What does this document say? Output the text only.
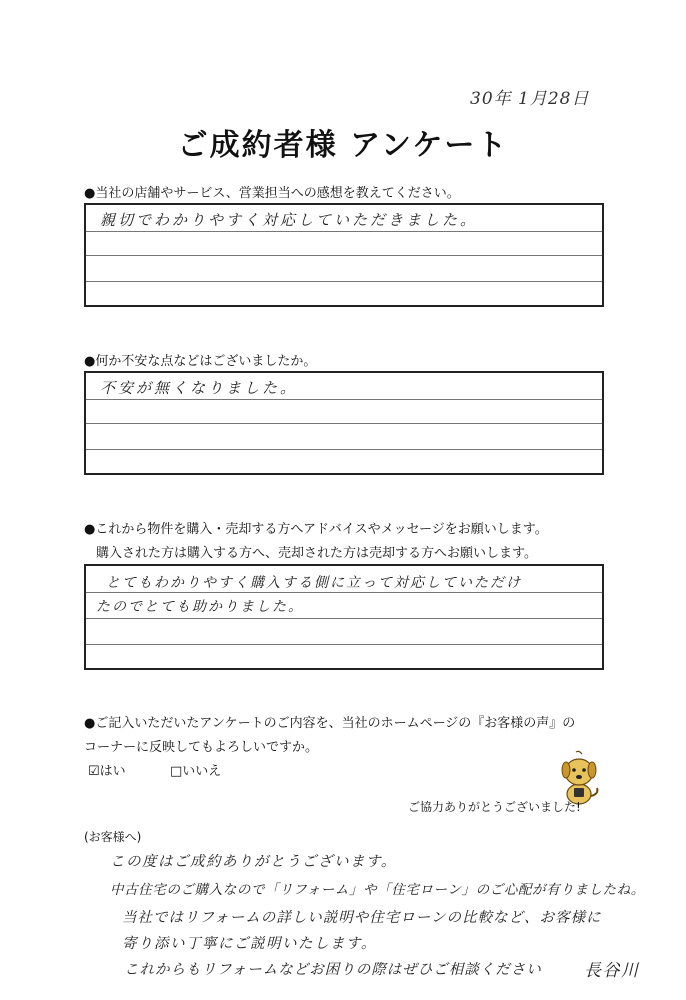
30年 1月28日
ご成約者様 アンケート
●当社の店舗やサービス、営業担当への感想を教えてください。
親切でわかりやすく対応していただきました。
●何か不安な点などはございましたか。
不安が無くなりました。
●これから物件を購入・売却する方へアドバイスやメッセージをお願いします。
購入された方は購入する方へ、売却された方は売却する方へお願いします。
とてもわかりやすく購入する側に立って対応していただけ
たのでとても助かりました。
●ご記入いただいたアンケートのご内容を、当社のホームページの『お客様の声』の
コーナーに反映してもよろしいですか。
☑はい	□いいえ
ご協力ありがとうございました!
(お客様へ)
この度はご成約ありがとうございます。
中古住宅のご購入なので「リフォーム」や「住宅ローン」のご心配が有りましたね。
当社ではリフォームの詳しい説明や住宅ローンの比較など、お客様に
寄り添い丁寧にご説明いたします。
これからもリフォームなどお困りの際はぜひご相談ください 長谷川
